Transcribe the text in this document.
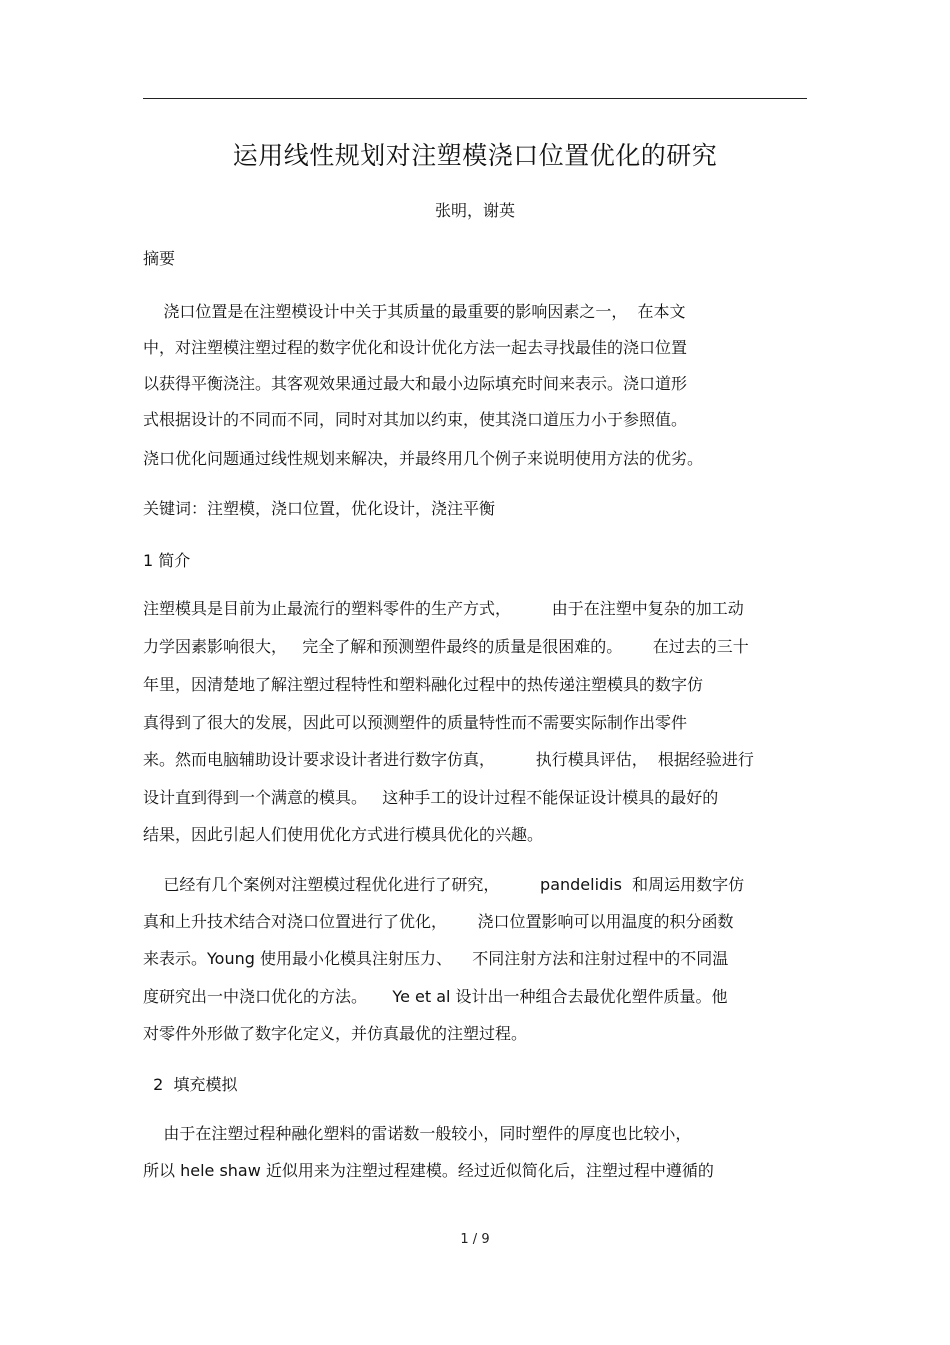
运用线性规划对注塑模浇口位置优化的研究
张明，谢英
摘要
浇口位置是在注塑模设计中关于其质量的最重要的影响因素之一，  在本文
中，对注塑模注塑过程的数字优化和设计优化方法一起去寻找最佳的浇口位置
以获得平衡浇注。其客观效果通过最大和最小边际填充时间来表示。浇口道形
式根据设计的不同而不同，同时对其加以约束，使其浇口道压力小于参照值。
浇口优化问题通过线性规划来解决，并最终用几个例子来说明使用方法的优劣。
关键词：注塑模，浇口位置，优化设计，浇注平衡
1 简介
注塑模具是目前为止最流行的塑料零件的生产方式，        由于在注塑中复杂的加工动
力学因素影响很大，   完全了解和预测塑件最终的质量是很困难的。      在过去的三十
年里，因清楚地了解注塑过程特性和塑料融化过程中的热传递注塑模具的数字仿
真得到了很大的发展，因此可以预测塑件的质量特性而不需要实际制作出零件
来。然而电脑辅助设计要求设计者进行数字仿真，        执行模具评估，  根据经验进行
设计直到得到一个满意的模具。   这种手工的设计过程不能保证设计模具的最好的
结果，因此引起人们使用优化方式进行模具优化的兴趣。
已经有几个案例对注塑模过程优化进行了研究，        pandelidis  和周运用数字仿
真和上升技术结合对浇口位置进行了优化，      浇口位置影响可以用温度的积分函数
来表示。Young 使用最小化模具注射压力、    不同注射方法和注射过程中的不同温
度研究出一中浇口优化的方法。     Ye et al 设计出一种组合去最优化塑件质量。他
对零件外形做了数字化定义，并仿真最优的注塑过程。
2  填充模拟
由于在注塑过程种融化塑料的雷诺数一般较小，同时塑件的厚度也比较小，
所以 hele shaw 近似用来为注塑过程建模。经过近似简化后，注塑过程中遵循的
1 / 9
